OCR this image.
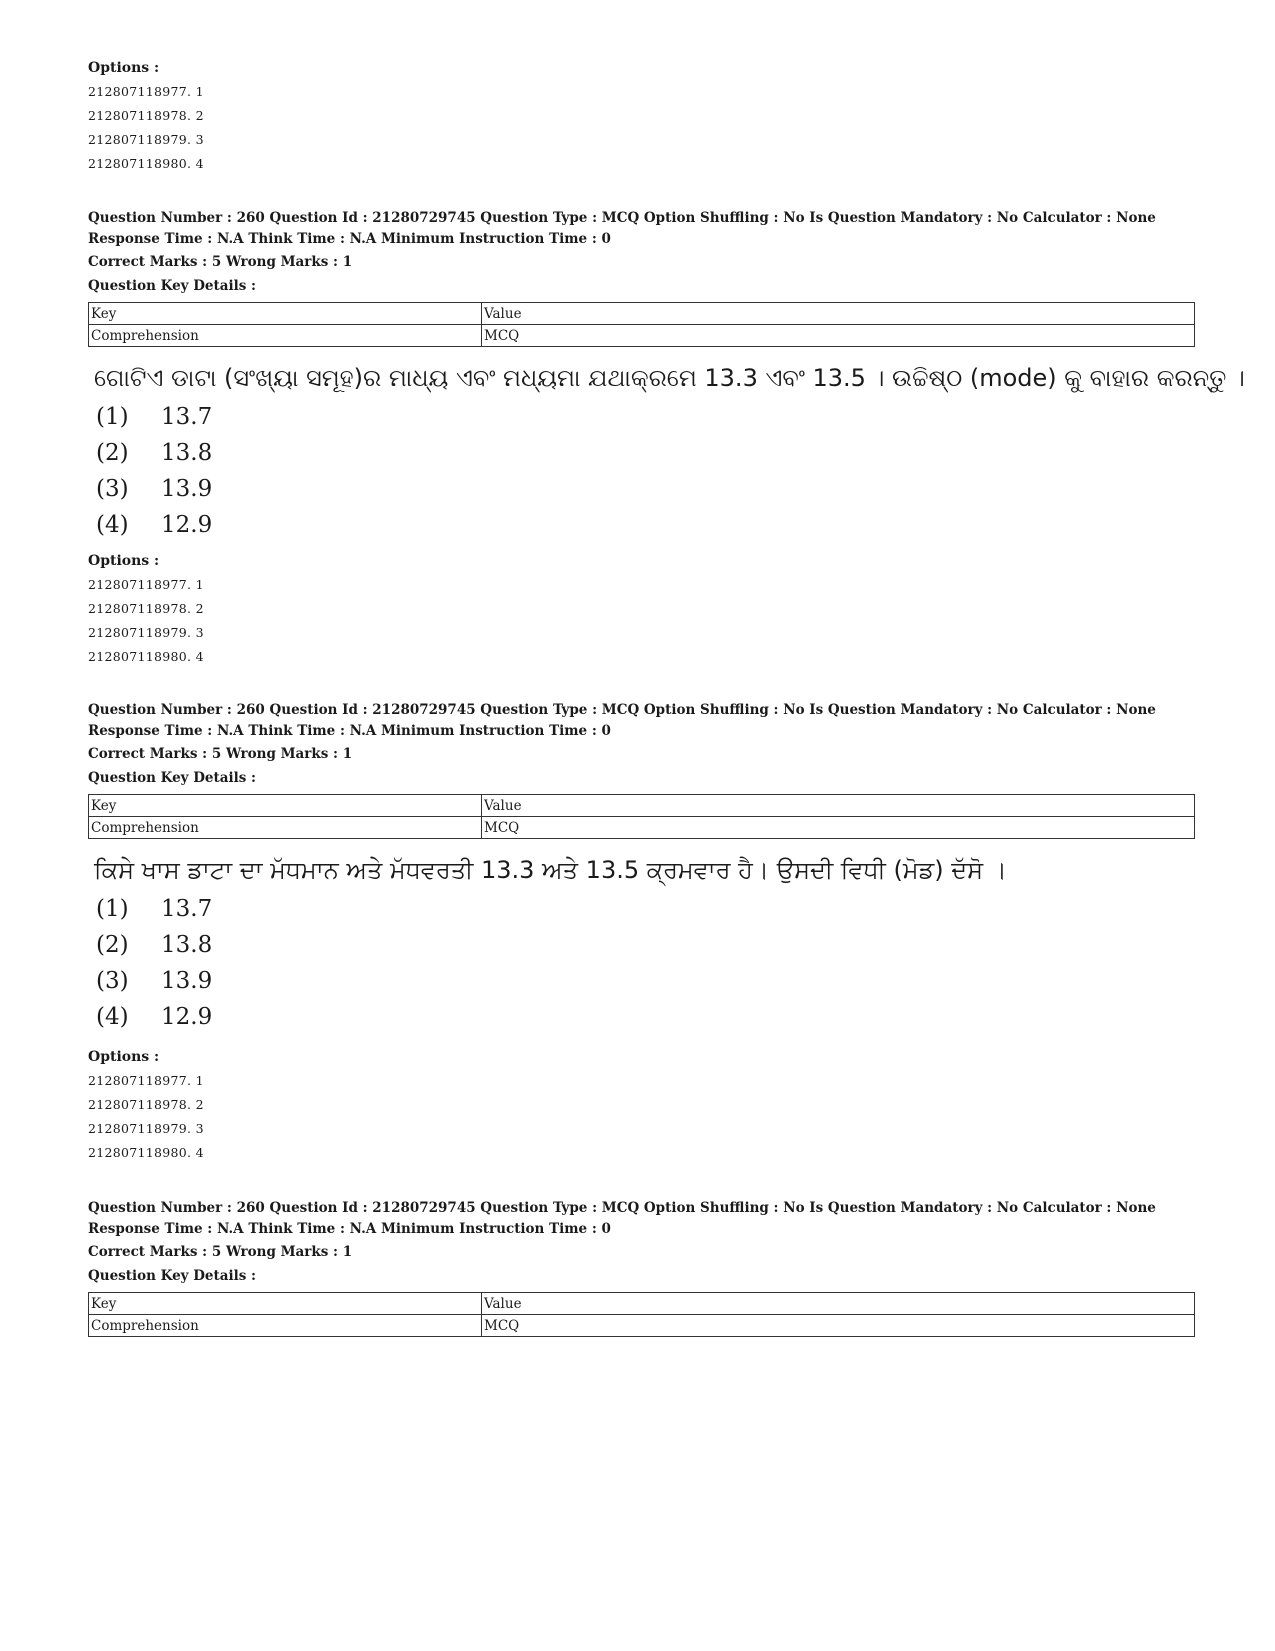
Options :
212807118977. 1
212807118978. 2
212807118979. 3
212807118980. 4
Question Number : 260 Question Id : 21280729745 Question Type : MCQ Option Shuffling : No Is Question Mandatory : No Calculator : None
Response Time : N.A Think Time : N.A Minimum Instruction Time : 0
Correct Marks : 5 Wrong Marks : 1
Question Key Details :
Key	Value
Comprehension	MCQ
ଗୋଟିଏ ଡାଟା (ସଂଖ୍ୟା ସମୂହ)ର ମାଧ୍ୟ ଏବଂ ମଧ୍ୟମା ଯଥାକ୍ରମେ 13.3 ଏବଂ 13.5 । ଉଚ୍ଚିଷ୍ଠ (mode) କୁ ବାହାର କରନ୍ତୁ ।
(1)	13.7
(2)	13.8
(3)	13.9
(4)	12.9
Options :
212807118977. 1
212807118978. 2
212807118979. 3
212807118980. 4
Question Number : 260 Question Id : 21280729745 Question Type : MCQ Option Shuffling : No Is Question Mandatory : No Calculator : None
Response Time : N.A Think Time : N.A Minimum Instruction Time : 0
Correct Marks : 5 Wrong Marks : 1
Question Key Details :
Key	Value
Comprehension	MCQ
ਕਿਸੇ ਖਾਸ ਡਾਟਾ ਦਾ ਮੱਧਮਾਨ ਅਤੇ ਮੱਧਵਰਤੀ 13.3 ਅਤੇ 13.5 ਕ੍ਰਮਵਾਰ ਹੈ। ਉਸਦੀ ਵਿਧੀ (ਮੋਡ) ਦੱਸੋ ।
(1)	13.7
(2)	13.8
(3)	13.9
(4)	12.9
Options :
212807118977. 1
212807118978. 2
212807118979. 3
212807118980. 4
Question Number : 260 Question Id : 21280729745 Question Type : MCQ Option Shuffling : No Is Question Mandatory : No Calculator : None
Response Time : N.A Think Time : N.A Minimum Instruction Time : 0
Correct Marks : 5 Wrong Marks : 1
Question Key Details :
Key	Value
Comprehension	MCQ
